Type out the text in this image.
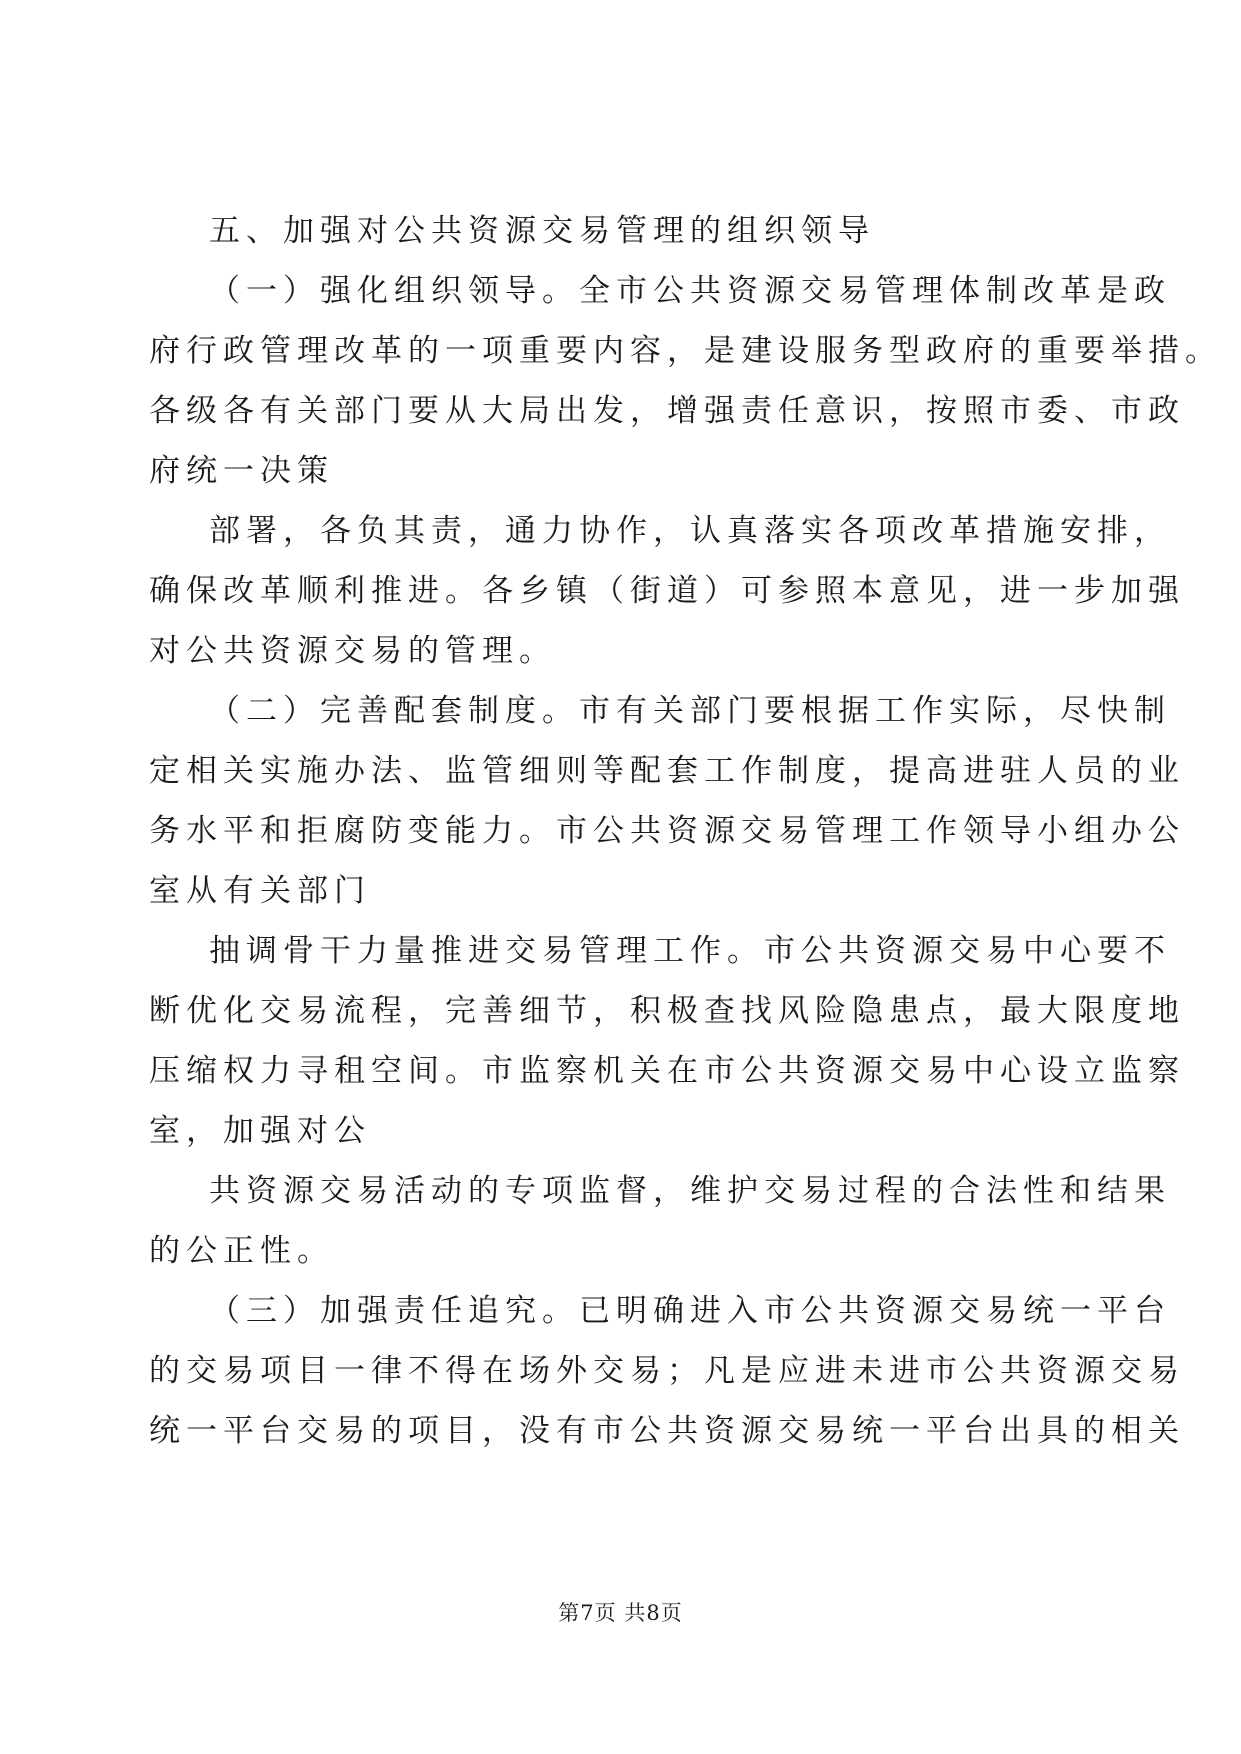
五、加强对公共资源交易管理的组织领导
（一）强化组织领导。全市公共资源交易管理体制改革是政
府行政管理改革的一项重要内容，是建设服务型政府的重要举措。
各级各有关部门要从大局出发，增强责任意识，按照市委、市政
府统一决策
部署，各负其责，通力协作，认真落实各项改革措施安排，
确保改革顺利推进。各乡镇（街道）可参照本意见，进一步加强
对公共资源交易的管理。
（二）完善配套制度。市有关部门要根据工作实际，尽快制
定相关实施办法、监管细则等配套工作制度，提高进驻人员的业
务水平和拒腐防变能力。市公共资源交易管理工作领导小组办公
室从有关部门
抽调骨干力量推进交易管理工作。市公共资源交易中心要不
断优化交易流程，完善细节，积极查找风险隐患点，最大限度地
压缩权力寻租空间。市监察机关在市公共资源交易中心设立监察
室，加强对公
共资源交易活动的专项监督，维护交易过程的合法性和结果
的公正性。
（三）加强责任追究。已明确进入市公共资源交易统一平台
的交易项目一律不得在场外交易；凡是应进未进市公共资源交易
统一平台交易的项目，没有市公共资源交易统一平台出具的相关
第7页 共8页
